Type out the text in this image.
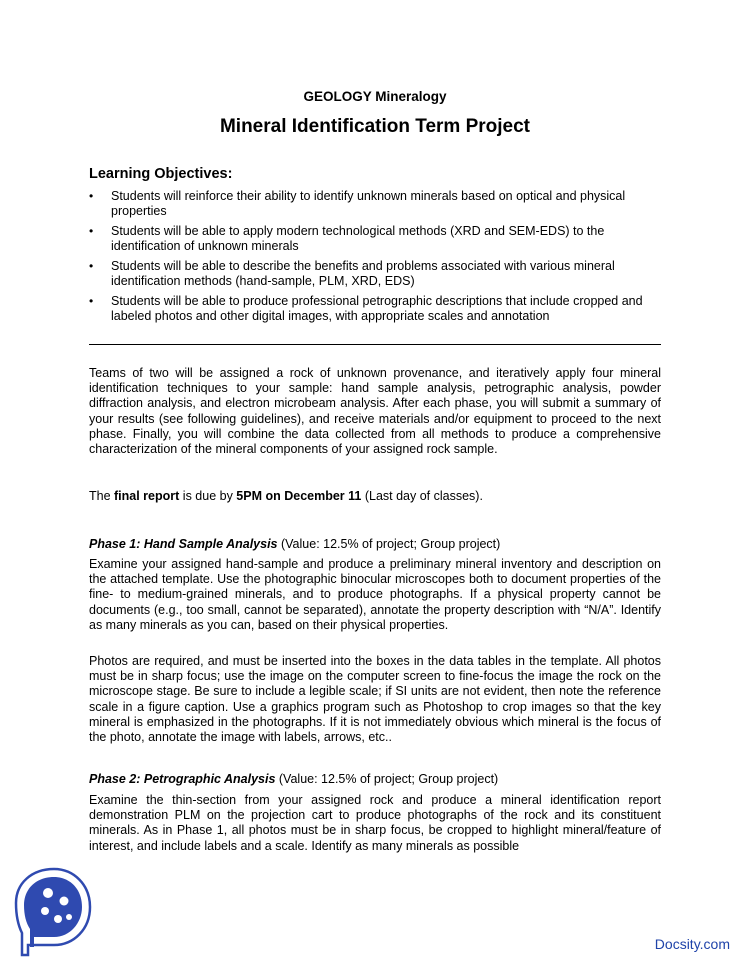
GEOLOGY Mineralogy
Mineral Identification Term Project
Learning Objectives:
• Students will reinforce their ability to identify unknown minerals based on optical and physical properties
• Students will be able to apply modern technological methods (XRD and SEM-EDS) to the identification of unknown minerals
• Students will be able to describe the benefits and problems associated with various mineral identification methods (hand-sample, PLM, XRD, EDS)
• Students will be able to produce professional petrographic descriptions that include cropped and labeled photos and other digital images, with appropriate scales and annotation

Teams of two will be assigned a rock of unknown provenance, and iteratively apply four mineral identification techniques to your sample: hand sample analysis, petrographic analysis, powder diffraction analysis, and electron microbeam analysis. After each phase, you will submit a summary of your results (see following guidelines), and receive materials and/or equipment to proceed to the next phase. Finally, you will combine the data collected from all methods to produce a comprehensive characterization of the mineral components of your assigned rock sample.

The final report is due by 5PM on December 11 (Last day of classes).

Phase 1: Hand Sample Analysis (Value: 12.5% of project; Group project)

Examine your assigned hand-sample and produce a preliminary mineral inventory and description on the attached template. Use the photographic binocular microscopes both to document properties of the fine- to medium-grained minerals, and to produce photographs. If a physical property cannot be documents (e.g., too small, cannot be separated), annotate the property description with “N/A”. Identify as many minerals as you can, based on their physical properties.

Photos are required, and must be inserted into the boxes in the data tables in the template. All photos must be in sharp focus; use the image on the computer screen to fine-focus the image the rock on the microscope stage. Be sure to include a legible scale; if SI units are not evident, then note the reference scale in a figure caption. Use a graphics program such as Photoshop to crop images so that the key mineral is emphasized in the photographs. If it is not immediately obvious which mineral is the focus of the photo, annotate the image with labels, arrows, etc..

Phase 2: Petrographic Analysis (Value: 12.5% of project; Group project)

Examine the thin-section from your assigned rock and produce a mineral identification report demonstration PLM on the projection cart to produce photographs of the rock and its constituent minerals. As in Phase 1, all photos must be in sharp focus, be cropped to highlight mineral/feature of interest, and include labels and a scale. Identify as many minerals as possible

Docsity.com
